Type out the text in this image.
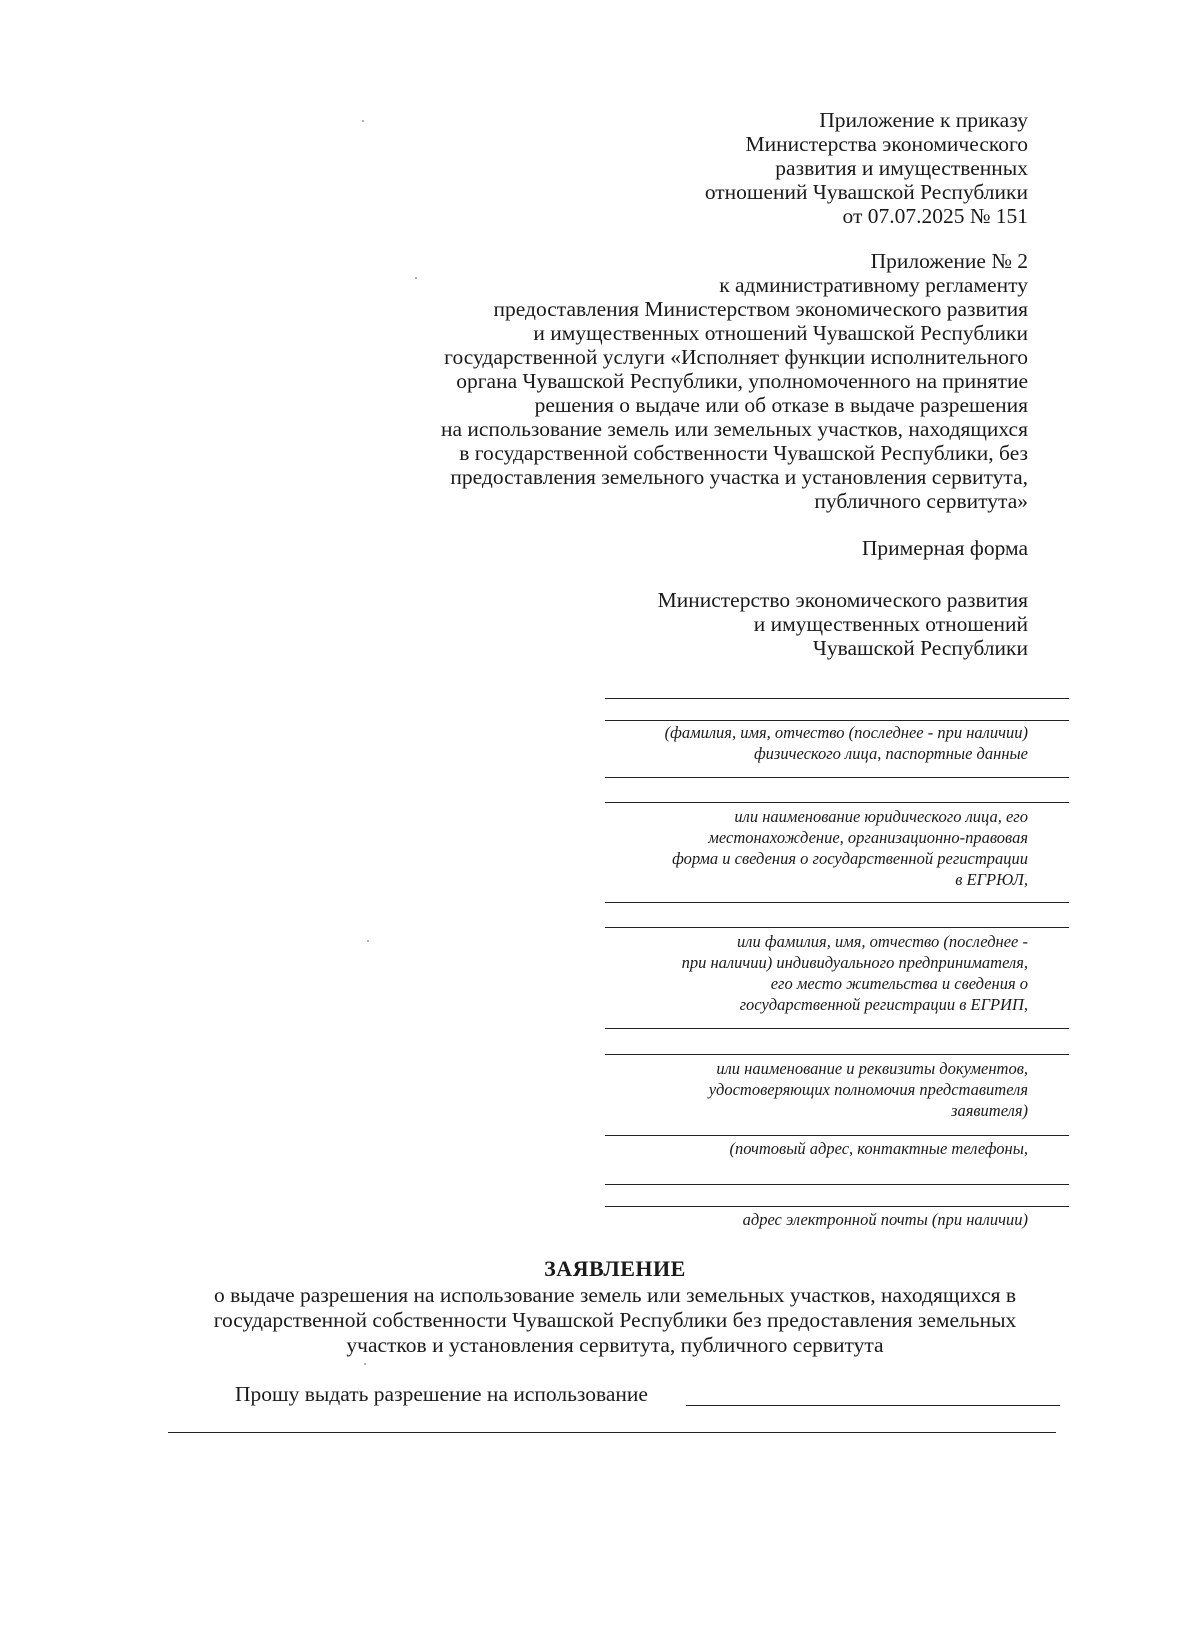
Приложение к приказу
Министерства экономического
развития и имущественных
отношений Чувашской Республики
от 07.07.2025 № 151
Приложение № 2
к административному регламенту
предоставления Министерством экономического развития
и имущественных отношений Чувашской Республики
государственной услуги «Исполняет функции исполнительного
органа Чувашской Республики, уполномоченного на принятие
решения о выдаче или об отказе в выдаче разрешения
на использование земель или земельных участков, находящихся
в государственной собственности Чувашской Республики, без
предоставления земельного участка и установления сервитута,
публичного сервитута»
Примерная форма
Министерство экономического развития
и имущественных отношений
Чувашской Республики
(фамилия, имя, отчество (последнее - при наличии)
физического лица, паспортные данные
или наименование юридического лица, его
местонахождение, организационно-правовая
форма и сведения о государственной регистрации
в ЕГРЮЛ,
или фамилия, имя, отчество (последнее -
при наличии) индивидуального предпринимателя,
его место жительства и сведения о
государственной регистрации в ЕГРИП,
или наименование и реквизиты документов,
удостоверяющих полномочия представителя
заявителя)
(почтовый адрес, контактные телефоны,
адрес электронной почты (при наличии)
ЗАЯВЛЕНИЕ
о выдаче разрешения на использование земель или земельных участков, находящихся в
государственной собственности Чувашской Республики без предоставления земельных
участков и установления сервитута, публичного сервитута
Прошу выдать разрешение на использование
